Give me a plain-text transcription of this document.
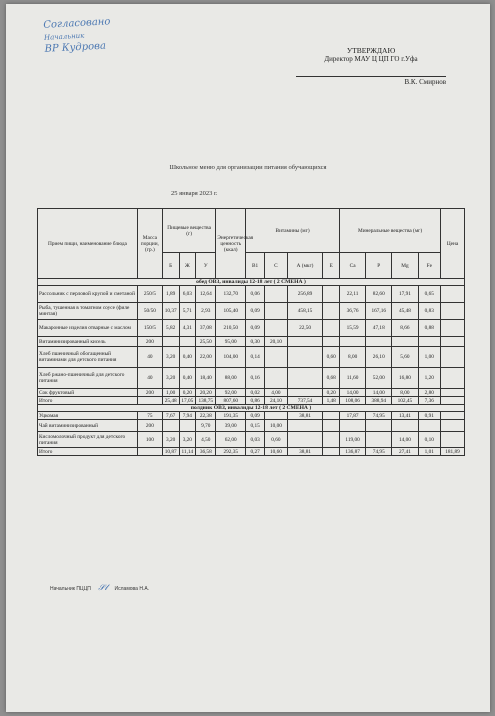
Согласовано
Начальник
ВР Кудрова	УТВЕРЖДАЮ
Директор МАУ Ц ЦП ГО г.Уфа
В.К. Смирнов
Школьное меню для организации питания обучающихся
25 января 2023 г.
Прием пищи, наименование блюда	Масса порции, (гр.)	Пищевые вещества (г)			Энергетическая ценность (ккал)	Витамины (мг)				Минеральные вещества (мг)				Цена
		Б	Ж	У		В1	С	А (мкг)	Е	Са	Р	Mg	Fe	
обед ОВЗ, инвалиды 12-18 лет ( 2 СМЕНА )														
Рассольник с перловой крупой и сметаной	250/5	1,89	6,03	12,64	132,70	0,06		256,89		22,11	82,60	17,91	0,65	
Рыба, тушенная в томатном соусе (филе минтая)	50/50	10,37	5,71	2,93	105,40	0,09		458,15		36,76	167,16	45,48	0,83	
Макаронные изделия отварные с маслом	150/5	5,82	4,31	37,08	210,50	0,09		22,50		15,59	47,18	8,66	0,88	
Витаминизированный кисель	200			25,50	95,00	0,30	20,10							
Хлеб пшеничный обогащенный витаминами для детского питания	40	3,20	0,40	22,00	104,00	0,14			0,60	8,00	26,10	5,60	1,00	
Хлеб ржано-пшеничный для детского питания	40	3,20	0,40	18,40	88,00	0,16			0,68	11,60	52,00	16,80	1,20	
Сок фруктовый	200	1,00	0,20	20,20	92,00	0,02	4,00		0,20	14,00	14,00	8,00	2,80	
Итого		25,48	17,05	138,75	807,60	0,86	24,10	737,54	1,48	108,06	388,94	102,45	7,36	
полдник ОВЗ, инвалиды 12-18 лет ( 2 СМЕНА )														
Уцкомая	75	7,67	7,94	22,38	191,35	0,09		38,81		17,87	74,95	13,41	0,91	
Чай витаминизированный	200			9,70	39,00	0,15	10,00							
Кисломолочный продукт для детского питания	100	3,20	3,20	4,50	62,00	0,03	0,60			119,00		14,00	0,10	
Итого		10,87	11,14	36,58	292,35	0,27	10,60	38,81		136,87	74,95	27,41	1,01	181,89
Начальник ПЦЦП 𝒮𝓁 Исламова Н.А.
